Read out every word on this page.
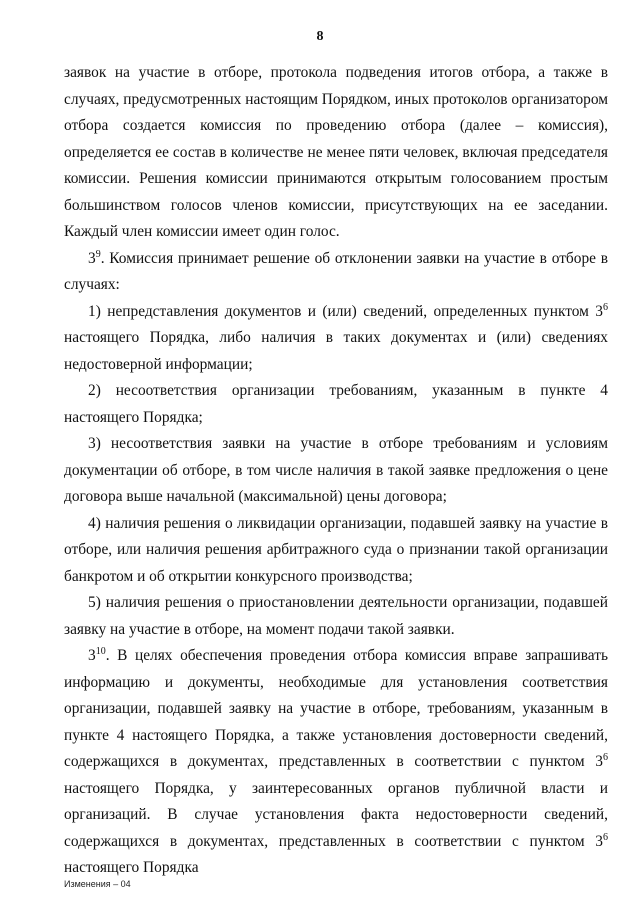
8

заявок на участие в отборе, протокола подведения итогов отбора, а также в случаях, предусмотренных настоящим Порядком, иных протоколов организатором отбора создается комиссия по проведению отбора (далее – комиссия), определяется ее состав в количестве не менее пяти человек, включая председателя комиссии. Решения комиссии принимаются открытым голосованием простым большинством голосов членов комиссии, присутствующих на ее заседании. Каждый член комиссии имеет один голос.

$3^9$. Комиссия принимает решение об отклонении заявки на участие в отборе в случаях:

1) непредставления документов и (или) сведений, определенных пунктом $3^6$ настоящего Порядка, либо наличия в таких документах и (или) сведениях недостоверной информации;

2) несоответствия организации требованиям, указанным в пункте 4 настоящего Порядка;

3) несоответствия заявки на участие в отборе требованиям и условиям документации об отборе, в том числе наличия в такой заявке предложения о цене договора выше начальной (максимальной) цены договора;

4) наличия решения о ликвидации организации, подавшей заявку на участие в отборе, или наличия решения арбитражного суда о признании такой организации банкротом и об открытии конкурсного производства;

5) наличия решения о приостановлении деятельности организации, подавшей заявку на участие в отборе, на момент подачи такой заявки.

$3^{10}$. В целях обеспечения проведения отбора комиссия вправе запрашивать информацию и документы, необходимые для установления соответствия организации, подавшей заявку на участие в отборе, требованиям, указанным в пункте 4 настоящего Порядка, а также установления достоверности сведений, содержащихся в документах, представленных в соответствии с пунктом $3^6$ настоящего Порядка, у заинтересованных органов публичной власти и организаций. В случае установления факта недостоверности сведений, содержащихся в документах, представленных в соответствии с пунктом $3^6$ настоящего Порядка

Изменения – 04
